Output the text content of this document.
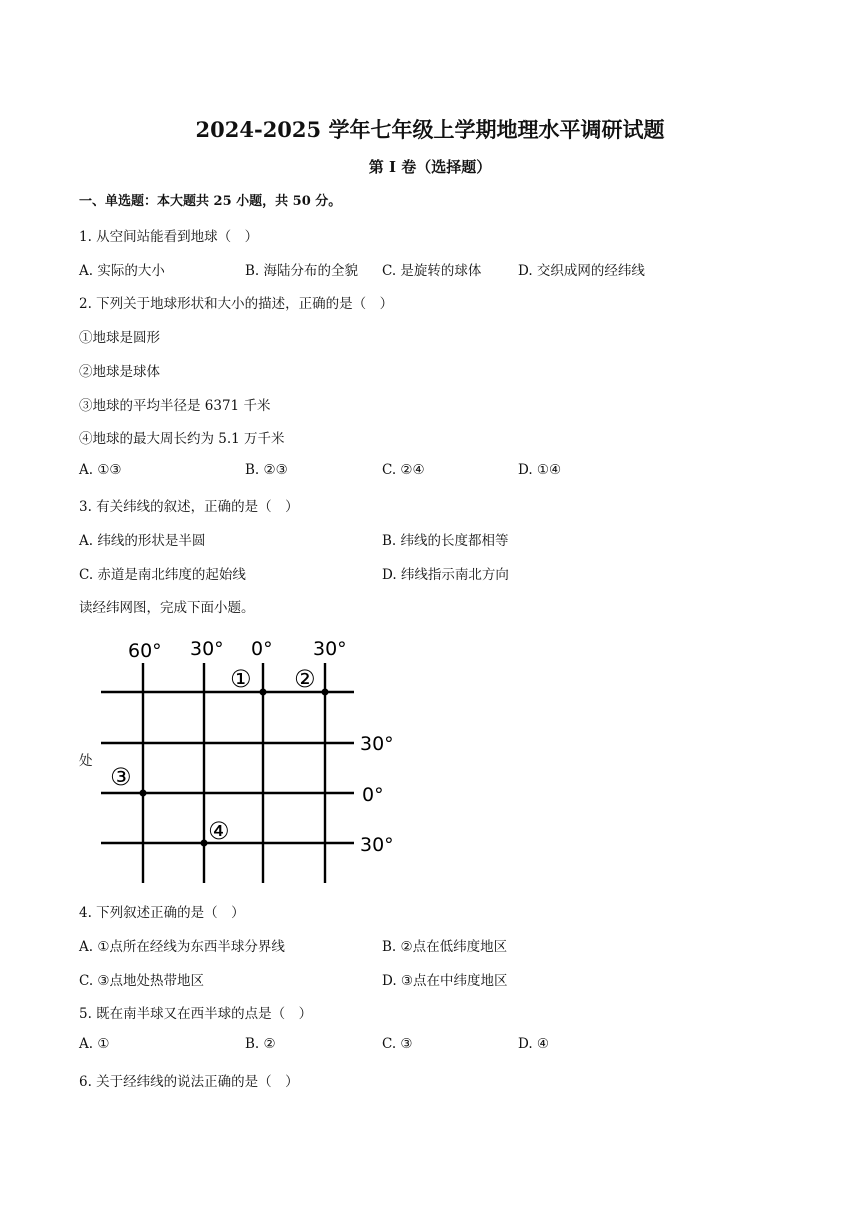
2024-2025 学年七年级上学期地理水平调研试题
第 I 卷（选择题）
一、单选题：本大题共 25 小题，共 50 分。
1. 从空间站能看到地球（　）
A. 实际的大小	B. 海陆分布的全貌 C. 是旋转的球体	D. 交织成网的经纬线
2. 下列关于地球形状和大小的描述，正确的是（　）
①地球是圆形
②地球是球体
③地球的平均半径是 6371 千米
④地球的最大周长约为 5.1 万千米
A. ①③	B. ②③	C. ②④	D. ①④
3. 有关纬线的叙述，正确的是（　）
A. 纬线的形状是半圆	B. 纬线的长度都相等
C. 赤道是南北纬度的起始线	D. 纬线指示南北方向
读经纬网图，完成下面小题。
处
60° 30° 0° 30°
30°
0°
30°
① ②
③
④
4. 下列叙述正确的是（　）
A. ①点所在经线为东西半球分界线	B. ②点在低纬度地区
C. ③点地处热带地区	D. ③点在中纬度地区
5. 既在南半球又在西半球的点是（　）
A. ①	B. ②	C. ③	D. ④
6. 关于经纬线的说法正确的是（　）
